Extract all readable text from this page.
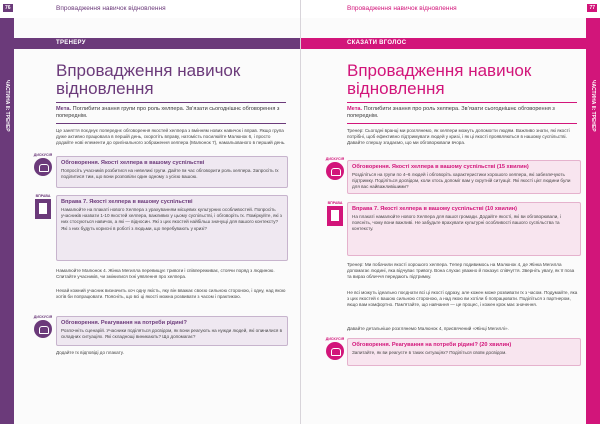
ЧАСТИНА II: ТРЕНЕР
76	Впровадження навичок відновлення
ТРЕНЕРУ
Впровадження навичок відновлення
Мета. Поглибити знання групи про роль хелпера. Зв’язати сьогоднішнє обговорення з попереднім.

Це заняття поєднує попереднє обговорення якостей хелпера з вмінням нових навичок і вправ. Якщо група дуже активно працювала в першій день, скоротіть вправу, натомість посилюйте Малюнок 6, і просто додайте нові елементи до оригінального зображення хелпера (Малюнок 7), намальованого в перший день.

ДИСКУСІЯ
Обговорення. Якості хелпера в вашому суспільстві
Попросіть учасників розбитися на невеликі групи. Дайте їм час обговорити роль хелпера. Запросіть їх поділитися тим, що вони розповіли один одному з усією вашою.
ВПРАВА
Вправа 7. Якості хелпера в вашому суспільстві
Намалюйте на плакаті нового Хелпера з урахуванням місцевих культурних особливостей. Попросіть учасників назвати 1-10 якостей хелпера, важливих у цьому суспільстві, і обговоріть їх. Поміркуйте, які з них стосуються навичок, а які — відносин. Які з цих якостей найбільш значущі для вашого контексту? Які з них будуть корисні в роботі з людьми, що перебувають у кризі?

Намалюйте Малюнок 4. Жінка Мегилла перевищує тривоги і співпереживає, стоячи поряд з людиною. Спитайте учасників, чи змінилися їхні уявлення про хелпера.

Нехай кожний учасник визначить хоч одну якість, яку він вважає своєю сильною стороною, і одну, над якою хотів би попрацювати. Поясніть, що всі ці якості можна розвивати з часом і практикою.

ДИСКУСІЯ
Обговорення. Реагування на потреби рідині?
Розпочніть сценарій. Учасники поділяться досвідом, як вони реагують на нужди людей, які опинилися в складних ситуаціях. Які складнощі виникають? Що допомагає?

Додайте їх відповіді до плакату.

ЧАСТИНА II: ТРЕНЕР
Впровадження навичок відновлення	77
СКАЗАТИ ВГОЛОС
Впровадження навичок відновлення
Мета. Поглибити знання про роль хелпера. Зв’язати сьогоднішнє обговорення з попереднім.

Тренер: Сьогодні вранці ми розглянемо, як хелпери можуть допомогти людям. Важливо знати, які якості потрібні, щоб ефективно підтримувати людей у кризі, і як ці якості проявляються в нашому суспільстві. Давайте спершу згадаємо, що ми обговорювали вчора.

ДИСКУСІЯ
Обговорення. Якості хелпера в вашому суспільстві (15 хвилин)
Розділіться на групи по 4–6 людей і обговоріть характеристики хорошого хелпера, які забезпечують підтримку. Поділіться досвідом, коли хтось допоміг вам у скрутній ситуації. Які якості цієї людини були для вас найважливішими?
ВПРАВА
Вправа 7. Якості хелпера в вашому суспільстві (10 хвилин)
На плакаті намалюйте нового Хелпера для вашої громади. Додайте якості, які ви обговорювали, і поясніть, чому вони важливі. Не забудьте врахувати культурні особливості вашого суспільства та контексту.

Тренер: Ми побачили якості хорошого хелпера. Тепер подивимось на Малюнок 4, де Жінка Мегилла допомагає людині, яка відчуває тривогу. Вона слухає уважно й показує співчуття. Зверніть увагу, як її поза та вираз обличчя передають підтримку.

Не всі можуть ідеально поєднати всі ці якості одразу, але кожен може розвивати їх з часом. Подумайте, яка з цих якостей є вашою сильною стороною, а над якою ви хотіли б попрацювати. Поділіться з партнером, якщо вам комфортно. Пам’ятайте, що навчання — це процес, і кожен крок має значення.

Давайте детальніше розглянемо Малюнок 4, присвячений «Жінці Мегиллі».

ДИСКУСІЯ
Обговорення. Реагування на потреби рідині? (20 хвилин)
Запитайте, як ви реагуєте в таких ситуаціях? Поділіться своїм досвідом.
